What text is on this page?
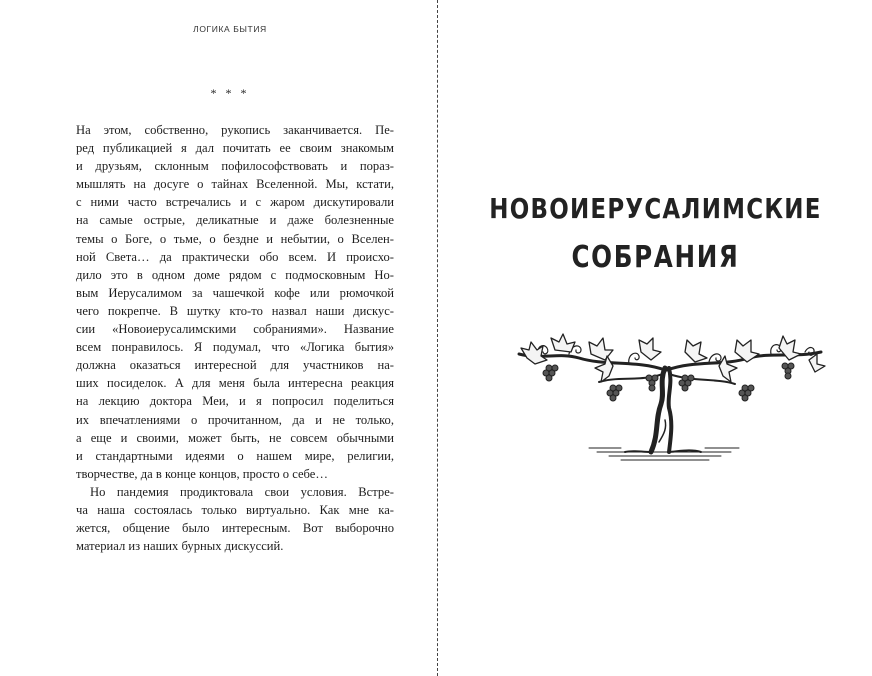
ЛОГИКА БЫТИЯ
* * *
На этом, собственно, рукопись заканчивается. Пе-
ред публикацией я дал почитать ее своим знакомым
и друзьям, склонным пофилософствовать и пораз-
мышлять на досуге о тайнах Вселенной. Мы, кстати,
с ними часто встречались и с жаром дискутировали
на самые острые, деликатные и даже болезненные
темы о Боге, о тьме, о бездне и небытии, о Вселен-
ной Света… да практически обо всем. И происхо-
дило это в одном доме рядом с подмосковным Но-
вым Иерусалимом за чашечкой кофе или рюмочкой
чего покрепче. В шутку кто-то назвал наши дискус-
сии «Новоиерусалимскими собраниями». Название
всем понравилось. Я подумал, что «Логика бытия»
должна оказаться интересной для участников на-
ших посиделок. А для меня была интересна реакция
на лекцию доктора Меи, и я попросил поделиться
их впечатлениями о прочитанном, да и не только,
а еще и своими, может быть, не совсем обычными
и стандартными идеями о нашем мире, религии,
творчестве, да в конце концов, просто о себе…
Но пандемия продиктовала свои условия. Встре-
ча наша состоялась только виртуально. Как мне ка-
жется, общение было интересным. Вот выборочно
материал из наших бурных дискуссий.
НОВОИЕРУСАЛИМСКИЕ
СОБРАНИЯ
